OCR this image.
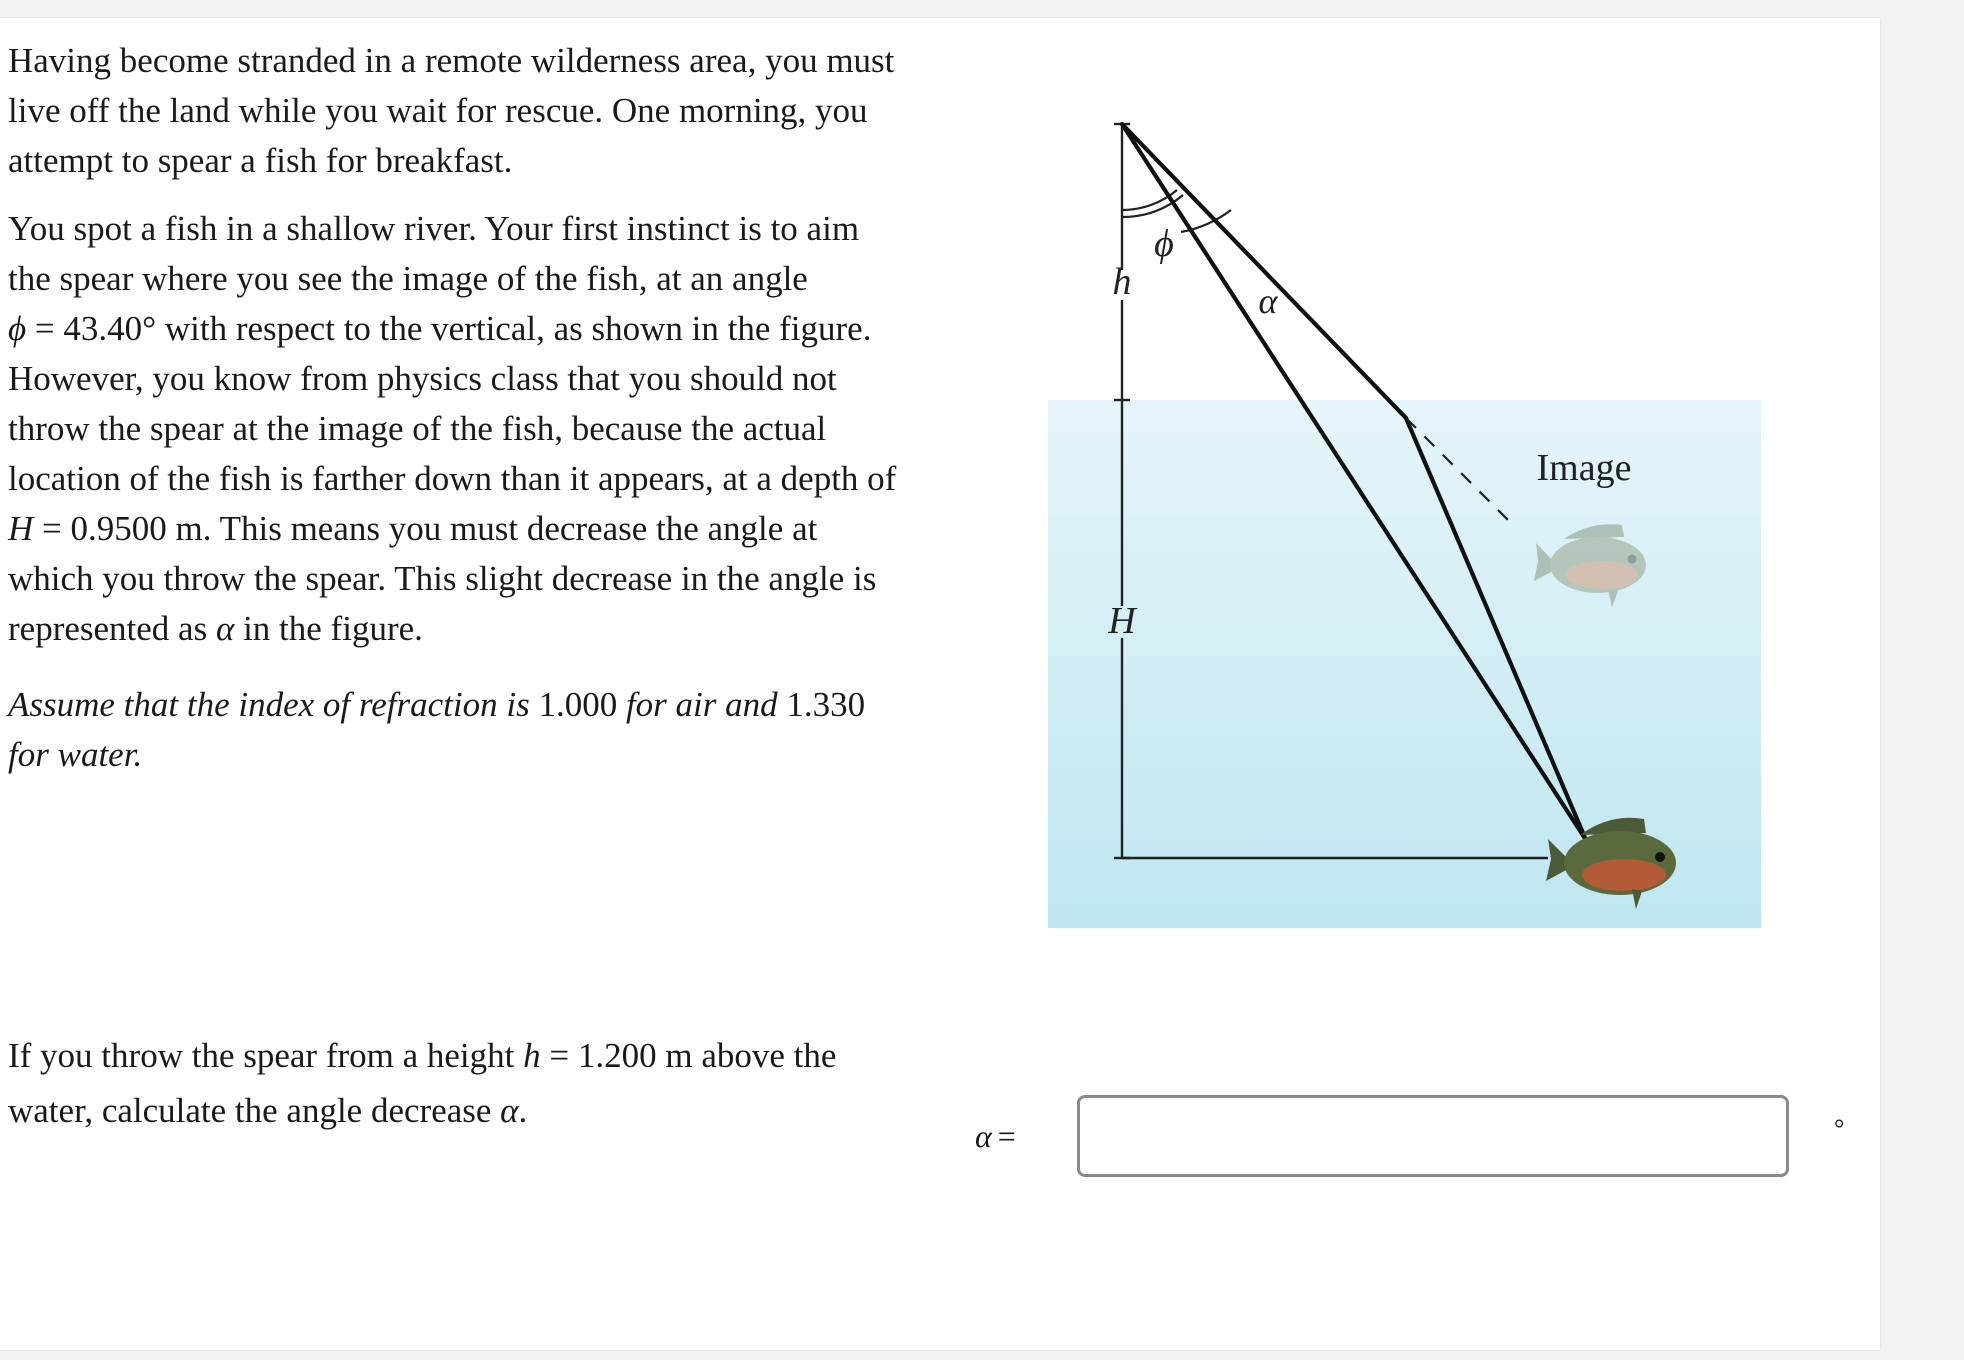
Having become stranded in a remote wilderness area, you must live off the land while you wait for rescue. One morning, you attempt to spear a fish for breakfast.

You spot a fish in a shallow river. Your first instinct is to aim the spear where you see the image of the fish, at an angle
ϕ = 43.40° with respect to the vertical, as shown in the figure. However, you know from physics class that you should not throw the spear at the image of the fish, because the actual location of the fish is farther down than it appears, at a depth of H = 0.9500 m. This means you must decrease the angle at which you throw the spear. This slight decrease in the angle is represented as α in the figure.

Assume that the index of refraction is 1.000 for air and 1.330 for water.

h
H
ϕ
α
Image
If you throw the spear from a height h = 1.200 m above the water, calculate the angle decrease α.
α =	°
